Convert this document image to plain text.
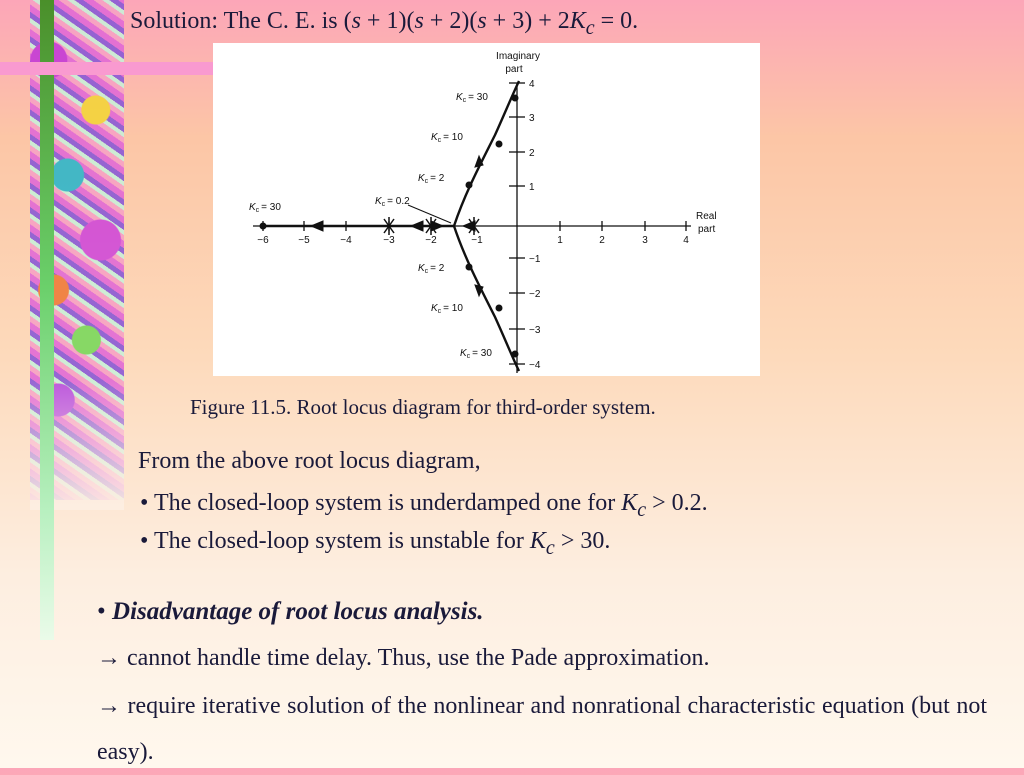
Solution: The C. E. is $(s + 1)(s + 2)(s + 3) + 2K_c = 0$.
Imaginary
part
Real
part
−6	−5	−4	−3	−2	−1	1	2	3	4
4
3
2
1
−1
−2
−3
−4
$K_c = 30$
$K_c = 0.2$
$K_c = 2$
$K_c = 10$
$K_c = 30$
$K_c = 2$
$K_c = 10$
$K_c = 30$
Figure 11.5. Root locus diagram for third-order system.
From the above root locus diagram,
• The closed-loop system is underdamped one for $K_c > 0.2$.
• The closed-loop system is unstable for $K_c > 30$.
• Disadvantage of root locus analysis.
→ cannot handle time delay. Thus, use the Pade approximation.
→ require iterative solution of the nonlinear and nonrational characteristic equation (but not easy).
